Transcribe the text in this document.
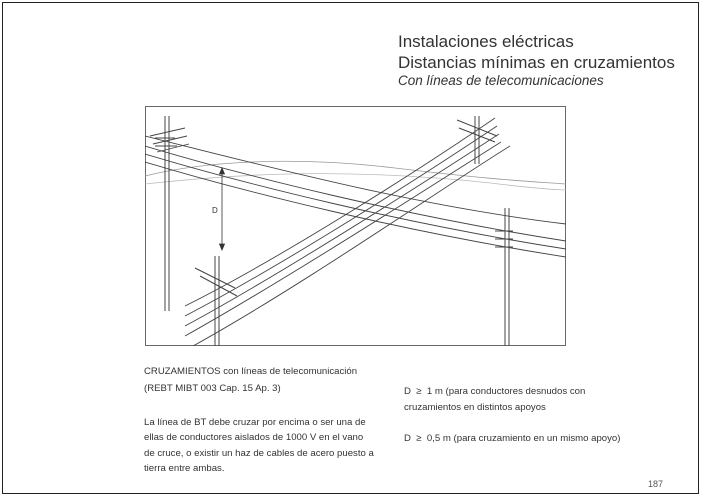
Instalaciones eléctricas
Distancias mínimas en cruzamientos
Con líneas de telecomunicaciones
D
CRUZAMIENTOS con líneas de telecomunicación
(REBT MIBT 003 Cap. 15 Ap. 3)
La línea de BT debe cruzar por encima o ser una de
ellas de conductores aislados de 1000 V en el vano
de cruce, o existir un haz de cables de acero puesto a
tierra entre ambas.
D ≥ 1 m (para conductores desnudos con
cruzamientos en distintos apoyos
D ≥ 0,5 m (para cruzamiento en un mismo apoyo)
187
